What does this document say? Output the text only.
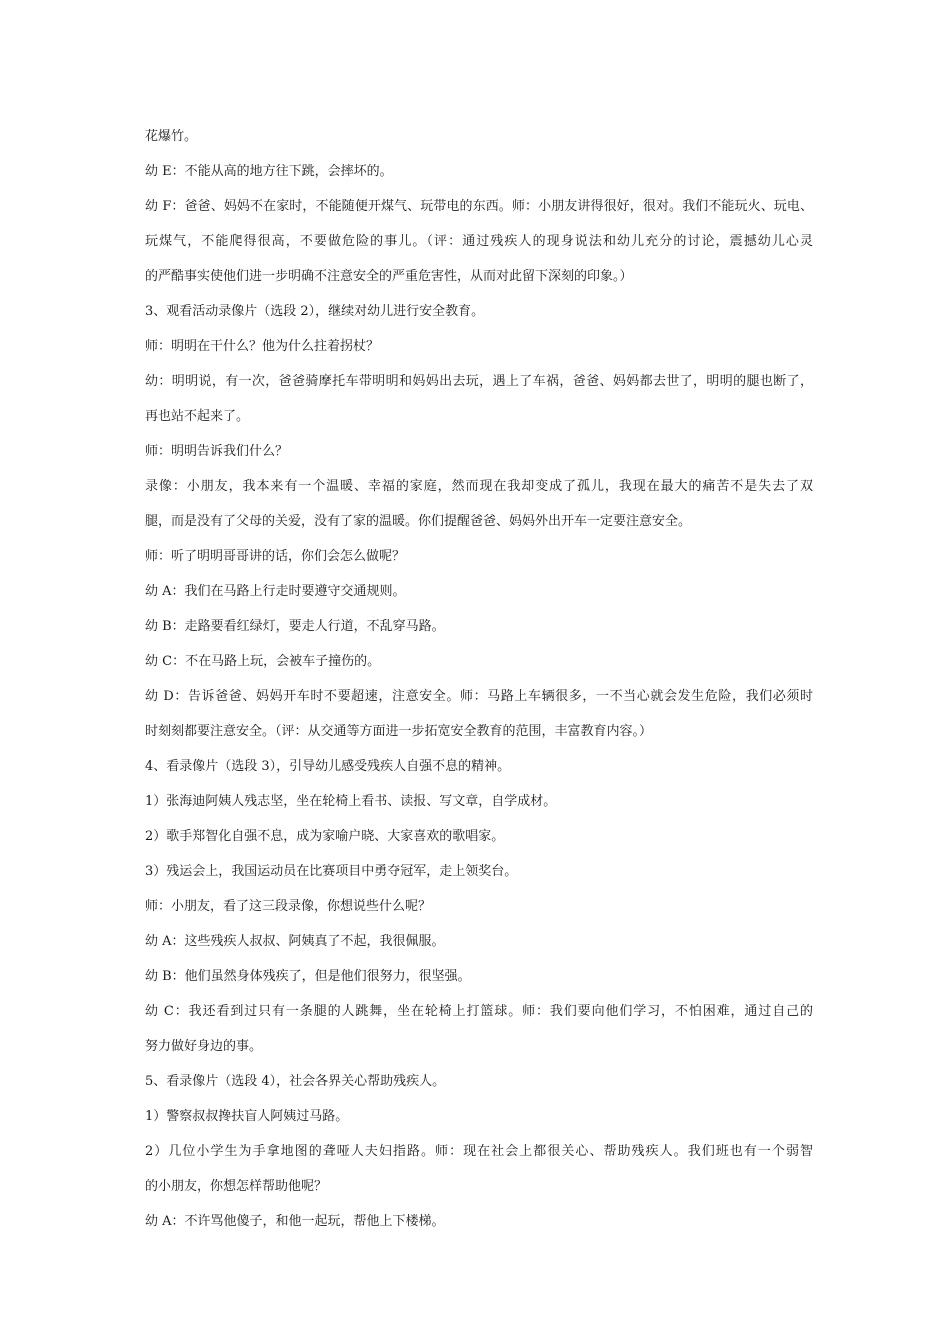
花爆竹。
幼 E：不能从高的地方往下跳，会摔坏的。
幼 F：爸爸、妈妈不在家时，不能随便开煤气、玩带电的东西。师：小朋友讲得很好，很对。我们不能玩火、玩电、
玩煤气，不能爬得很高，不要做危险的事儿。（评：通过残疾人的现身说法和幼儿充分的讨论，震撼幼儿心灵
的严酷事实使他们进一步明确不注意安全的严重危害性，从而对此留下深刻的印象。）
3、观看活动录像片（选段 2），继续对幼儿进行安全教育。
师：明明在干什么？他为什么拄着拐杖？
幼：明明说，有一次，爸爸骑摩托车带明明和妈妈出去玩，遇上了车祸，爸爸、妈妈都去世了，明明的腿也断了，
再也站不起来了。
师：明明告诉我们什么？
录像：小朋友，我本来有一个温暖、幸福的家庭，然而现在我却变成了孤儿，我现在最大的痛苦不是失去了双
腿，而是没有了父母的关爱，没有了家的温暖。你们提醒爸爸、妈妈外出开车一定要注意安全。
师：听了明明哥哥讲的话，你们会怎么做呢？
幼 A：我们在马路上行走时要遵守交通规则。
幼 B：走路要看红绿灯，要走人行道，不乱穿马路。
幼 C：不在马路上玩，会被车子撞伤的。
幼 D：告诉爸爸、妈妈开车时不要超速，注意安全。师：马路上车辆很多，一不当心就会发生危险，我们必须时
时刻刻都要注意安全。（评：从交通等方面进一步拓宽安全教育的范围，丰富教育内容。）
4、看录像片（选段 3），引导幼儿感受残疾人自强不息的精神。
1）张海迪阿姨人残志坚，坐在轮椅上看书、读报、写文章，自学成材。
2）歌手郑智化自强不息，成为家喻户晓、大家喜欢的歌唱家。
3）残运会上，我国运动员在比赛项目中勇夺冠军，走上领奖台。
师：小朋友，看了这三段录像，你想说些什么呢？
幼 A：这些残疾人叔叔、阿姨真了不起，我很佩服。
幼 B：他们虽然身体残疾了，但是他们很努力，很坚强。
幼 C：我还看到过只有一条腿的人跳舞，坐在轮椅上打篮球。师：我们要向他们学习，不怕困难，通过自己的
努力做好身边的事。
5、看录像片（选段 4），社会各界关心帮助残疾人。
1）警察叔叔搀扶盲人阿姨过马路。
2）几位小学生为手拿地图的聋哑人夫妇指路。师：现在社会上都很关心、帮助残疾人。我们班也有一个弱智
的小朋友，你想怎样帮助他呢？
幼 A：不许骂他傻子，和他一起玩，帮他上下楼梯。
